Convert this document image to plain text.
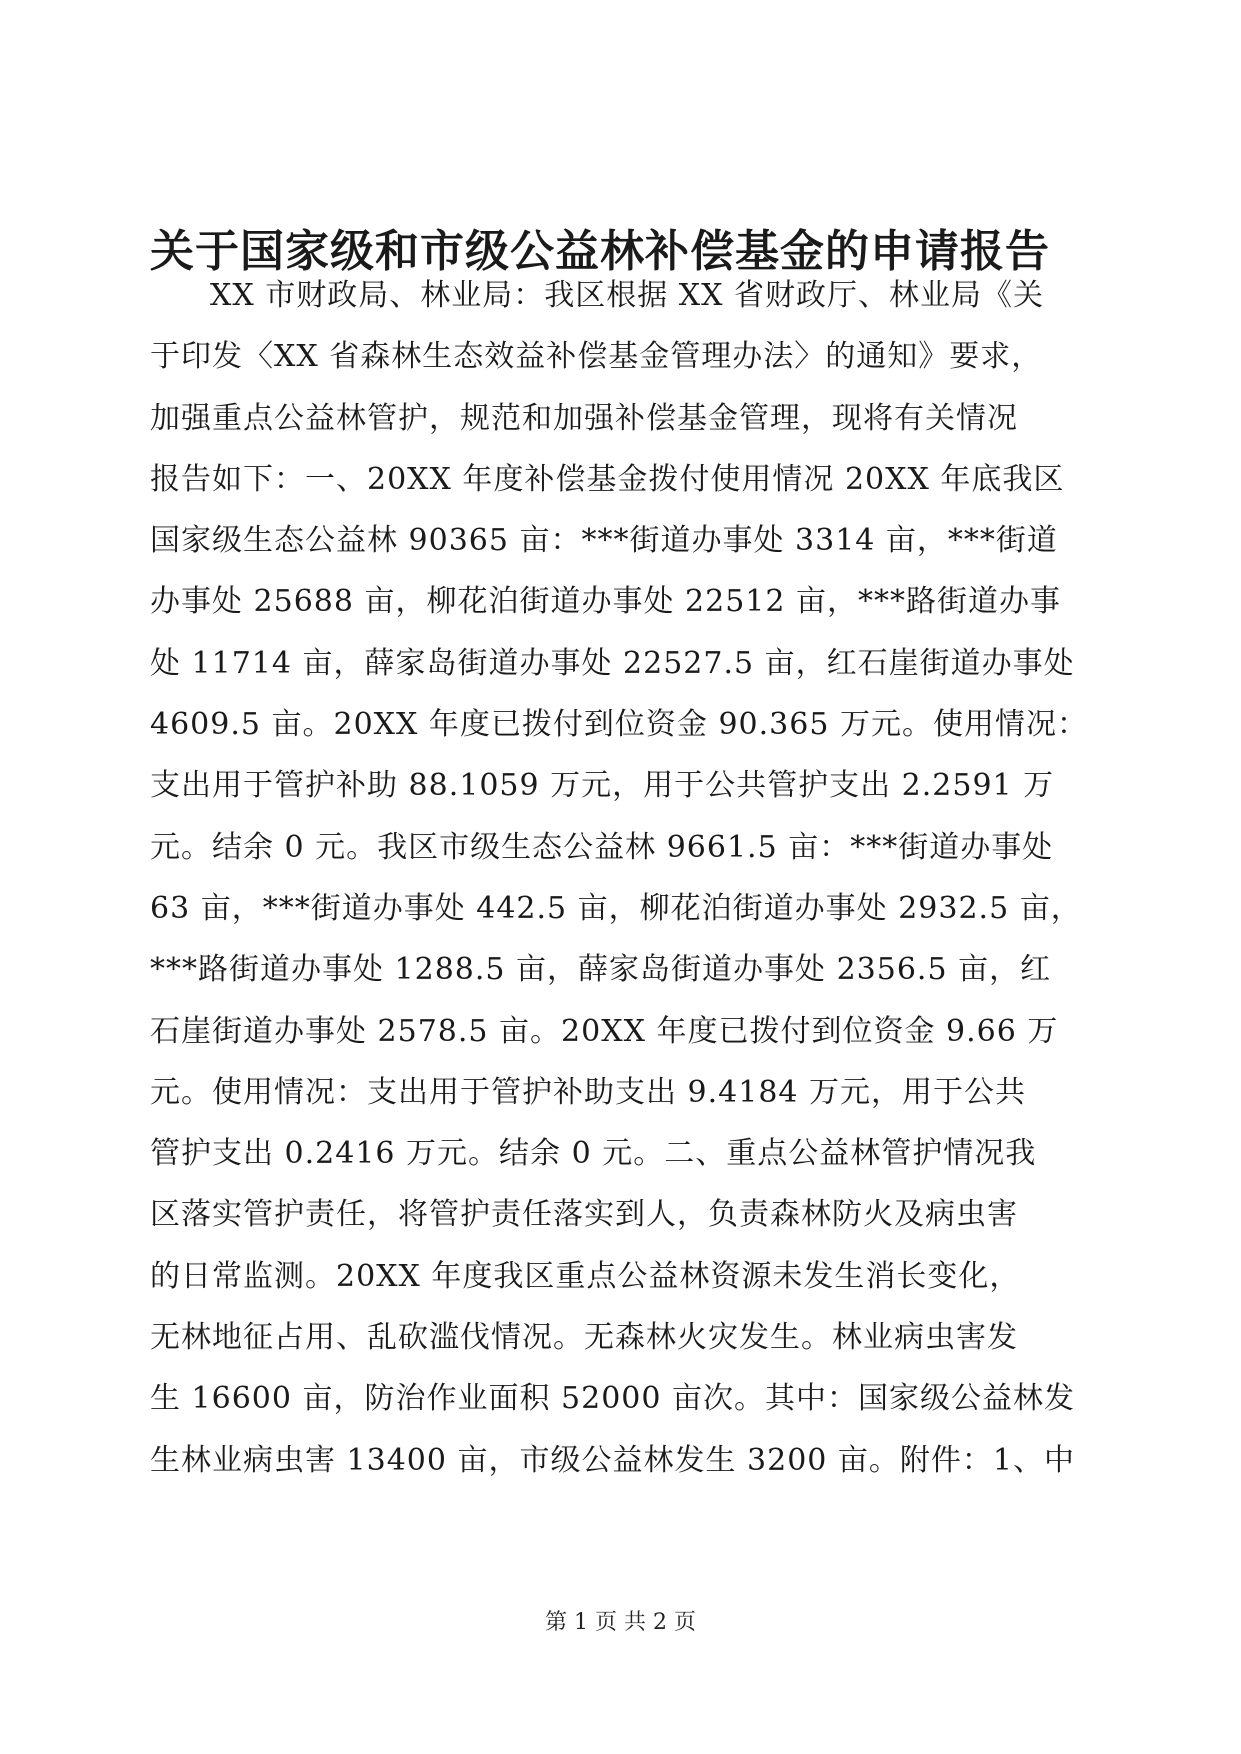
关于国家级和市级公益林补偿基金的申请报告
XX 市财政局、林业局：我区根据 XX 省财政厅、林业局《关
于印发〈XX 省森林生态效益补偿基金管理办法〉的通知》要求，
加强重点公益林管护，规范和加强补偿基金管理，现将有关情况
报告如下：一、20XX 年度补偿基金拨付使用情况 20XX 年底我区
国家级生态公益林 90365 亩：***街道办事处 3314 亩，***街道
办事处 25688 亩，柳花泊街道办事处 22512 亩，***路街道办事
处 11714 亩，薛家岛街道办事处 22527.5 亩，红石崖街道办事处
4609.5 亩。20XX 年度已拨付到位资金 90.365 万元。使用情况：
支出用于管护补助 88.1059 万元，用于公共管护支出 2.2591 万
元。结余 0 元。我区市级生态公益林 9661.5 亩：***街道办事处
63 亩，***街道办事处 442.5 亩，柳花泊街道办事处 2932.5 亩，
***路街道办事处 1288.5 亩，薛家岛街道办事处 2356.5 亩，红
石崖街道办事处 2578.5 亩。20XX 年度已拨付到位资金 9.66 万
元。使用情况：支出用于管护补助支出 9.4184 万元，用于公共
管护支出 0.2416 万元。结余 0 元。二、重点公益林管护情况我
区落实管护责任，将管护责任落实到人，负责森林防火及病虫害
的日常监测。20XX 年度我区重点公益林资源未发生消长变化，
无林地征占用、乱砍滥伐情况。无森林火灾发生。林业病虫害发
生 16600 亩，防治作业面积 52000 亩次。其中：国家级公益林发
生林业病虫害 13400 亩，市级公益林发生 3200 亩。附件：1、中
第 1 页 共 2 页
